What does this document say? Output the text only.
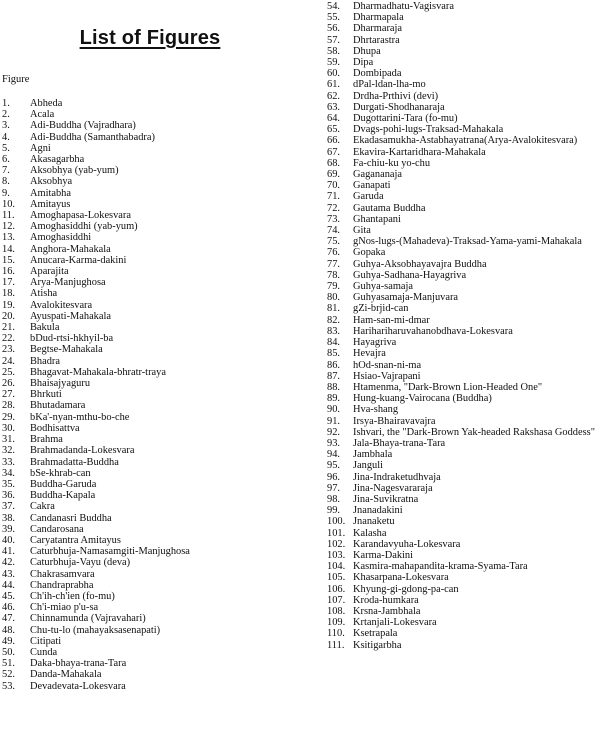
List of Figures
Figure
1.	Abheda
2.	Acala
3.	Adi-Buddha (Vajradhara)
4.	Adi-Buddha (Samanthabadra)
5.	Agni
6.	Akasagarbha
7.	Aksobhya (yab-yum)
8.	Aksobhya
9.	Amitabha
10.	Amitayus
11.	Amoghapasa-Lokesvara
12.	Amoghasiddhi (yab-yum)
13.	Amoghasiddhi
14.	Anghora-Mahakala
15.	Anucara-Karma-dakini
16.	Aparajita
17.	Arya-Manjughosa
18.	Atisha
19.	Avalokitesvara
20.	Ayuspati-Mahakala
21.	Bakula
22.	bDud-rtsi-hkhyil-ba
23.	Begtse-Mahakala
24.	Bhadra
25.	Bhagavat-Mahakala-bhratr-traya
26.	Bhaisajyaguru
27.	Bhrkuti
28.	Bhutadamara
29.	bKa'-nyan-mthu-bo-che
30.	Bodhisattva
31.	Brahma
32.	Brahmadanda-Lokesvara
33.	Brahmadatta-Buddha
34.	bSe-khrab-can
35.	Buddha-Garuda
36.	Buddha-Kapala
37.	Cakra
38.	Candanasri Buddha
39.	Candarosana
40.	Caryatantra Amitayus
41.	Caturbhuja-Namasamgiti-Manjughosa
42.	Caturbhuja-Vayu (deva)
43.	Chakrasamvara
44.	Chandraprabha
45.	Ch'ih-ch'ien (fo-mu)
46.	Ch'i-miao p'u-sa
47.	Chinnamunda (Vajravahari)
48.	Chu-tu-lo (mahayaksasenapati)
49.	Citipati
50.	Cunda
51.	Daka-bhaya-trana-Tara
52.	Danda-Mahakala
53.	Devadevata-Lokesvara
54.	Dharmadhatu-Vagisvara
55.	Dharmapala
56.	Dharmaraja
57.	Dhrtarastra
58.	Dhupa
59.	Dipa
60.	Dombipada
61.	dPal-ldan-lha-mo
62.	Drdha-Prthivi (devi)
63.	Durgati-Shodhanaraja
64.	Dugottarini-Tara (fo-mu)
65.	Dvags-pohi-lugs-Traksad-Mahakala
66.	Ekadasamukha-Astabhayatrana(Arya-Avalokitesvara)
67.	Ekavira-Kartaridhara-Mahakala
68.	Fa-chiu-ku yo-chu
69.	Gagananaja
70.	Ganapati
71.	Garuda
72.	Gautama Buddha
73.	Ghantapani
74.	Gita
75.	gNos-lugs-(Mahadeva)-Traksad-Yama-yami-Mahakala
76.	Gopaka
77.	Guhya-Aksobhayavajra Buddha
78.	Guhya-Sadhana-Hayagriva
79.	Guhya-samaja
80.	Guhyasamaja-Manjuvara
81.	gZi-brjid-can
82.	Ham-san-mi-dmar
83.	Harihariharuvahanobdhava-Lokesvara
84.	Hayagriva
85.	Hevajra
86.	hOd-snan-ni-ma
87.	Hsiao-Vajrapani
88.	Htamenma, "Dark-Brown Lion-Headed One"
89.	Hung-kuang-Vairocana (Buddha)
90.	Hva-shang
91.	Irsya-Bhairavavajra
92.	Ishvari, the "Dark-Brown Yak-headed Rakshasa Goddess"
93.	Jala-Bhaya-trana-Tara
94.	Jambhala
95.	Janguli
96.	Jina-Indraketudhvaja
97.	Jina-Nagesvararaja
98.	Jina-Suvikratna
99.	Jnanadakini
100. Jnanaketu
101. Kalasha
102. Karandavyuha-Lokesvara
103. Karma-Dakini
104. Kasmira-mahapandita-krama-Syama-Tara
105. Khasarpana-Lokesvara
106. Khyung-gi-gdong-pa-can
107. Kroda-humkara
108. Krsna-Jambhala
109. Krtanjali-Lokesvara
110. Ksetrapala
111. Ksitigarbha
